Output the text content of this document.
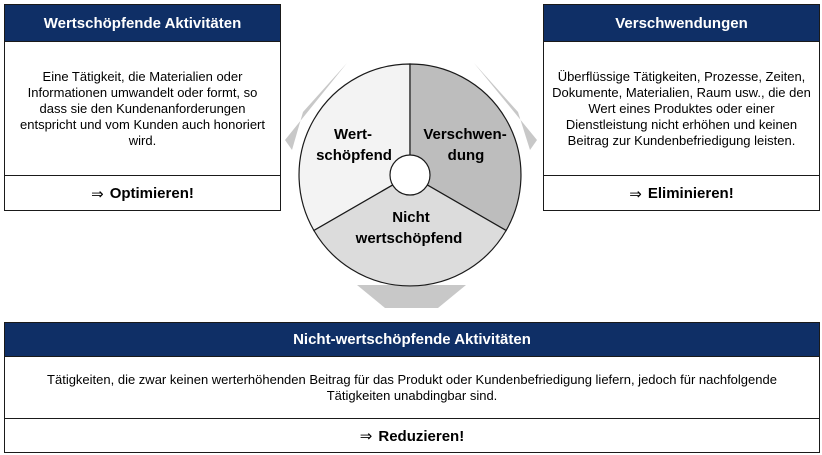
Wertschöpfende Aktivitäten
Eine Tätigkeit, die Materialien oder Informationen umwandelt oder formt, so dass sie den Kundenanforderungen entspricht und vom Kunden auch honoriert wird.
⇒ Optimieren!
Verschwendungen
Überflüssige Tätigkeiten, Prozesse, Zeiten, Dokumente, Materialien, Raum usw., die den Wert eines Produktes oder einer Dienstleistung nicht erhöhen und keinen Beitrag zur Kundenbefriedigung leisten.
⇒ Eliminieren!
Wert-
schöpfend
Verschwen-
dung
Nicht
wertschöpfend
Nicht-wertschöpfende Aktivitäten
Tätigkeiten, die zwar keinen werterhöhenden Beitrag für das Produkt oder Kundenbefriedigung liefern, jedoch für nachfolgende Tätigkeiten unabdingbar sind.
⇒ Reduzieren!
